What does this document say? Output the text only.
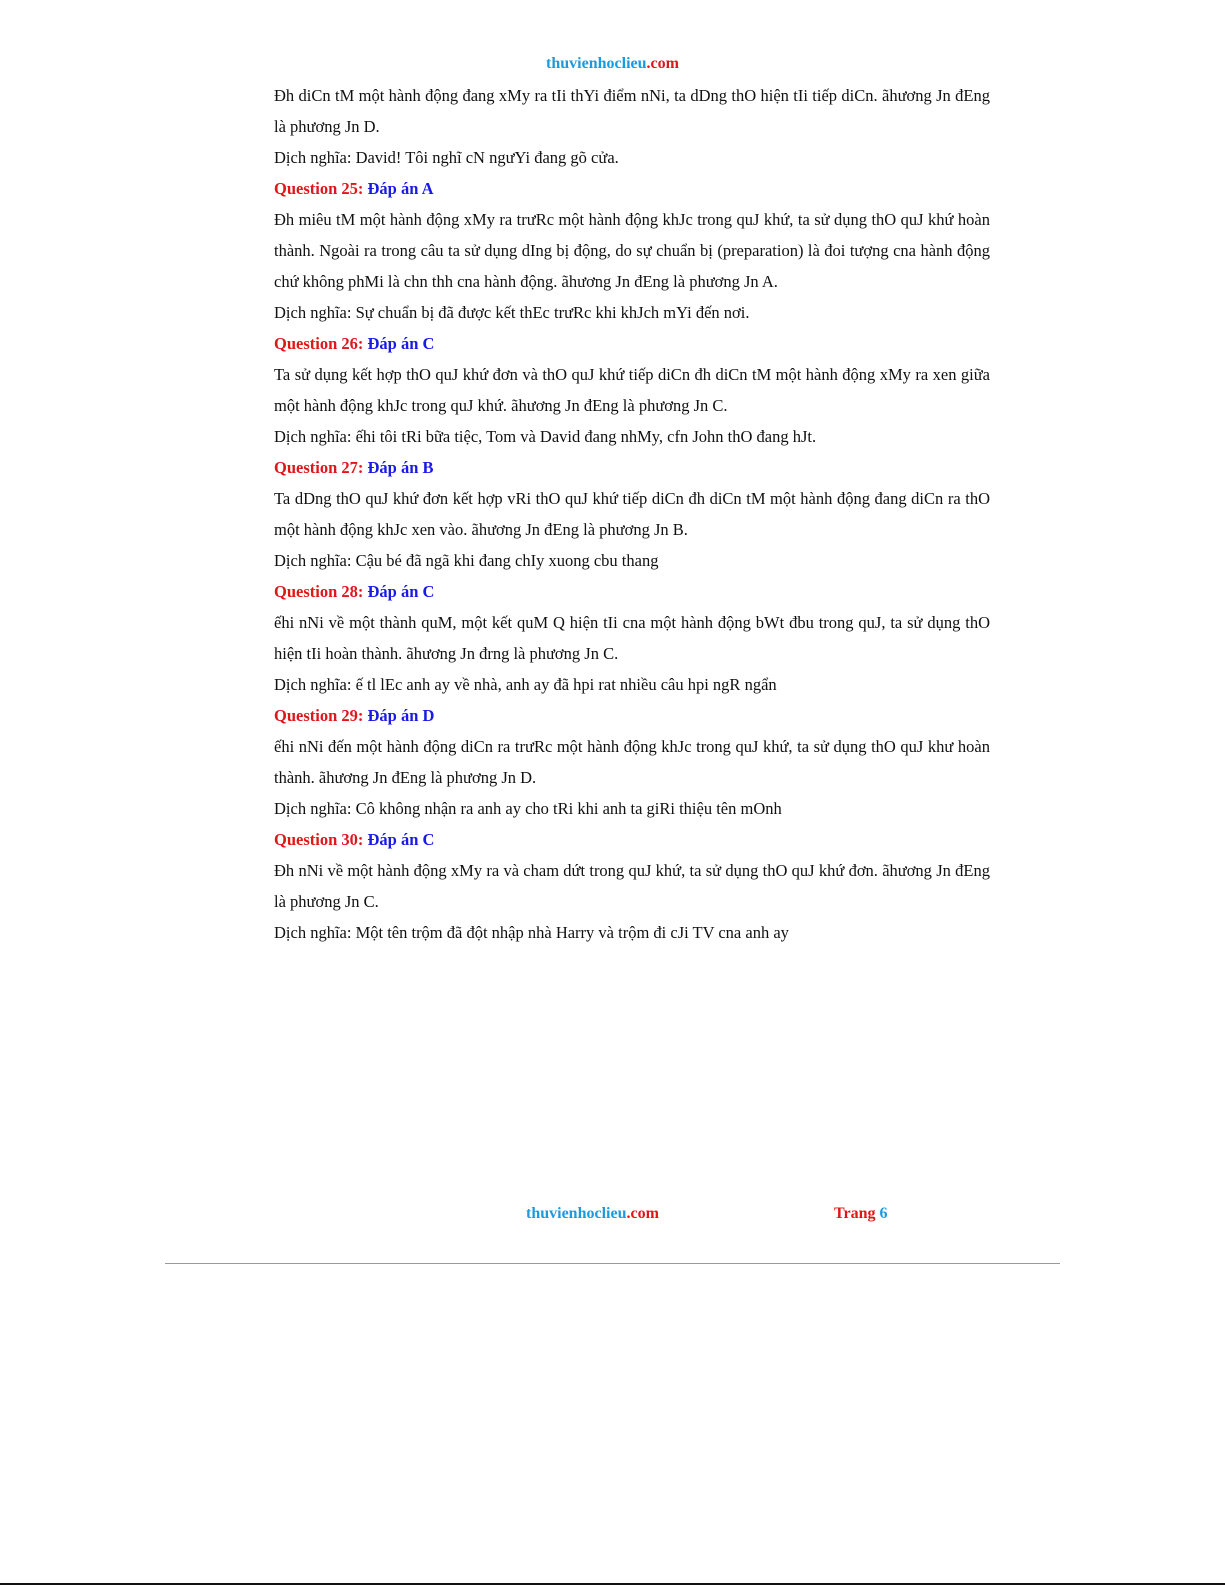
thuvienhoclieu.com

Đh diCn tM một hành động đang xMy ra tIi thYi điểm nNi, ta dDng thO hiện tIi tiếp diCn. ãhương Jn đEng là phương Jn D.

Dịch nghĩa: David! Tôi nghĩ cN ngưYi đang gõ cửa.

Question 25: Đáp án A

Đh miêu tM một hành động xMy ra trưRc một hành động khJc trong quJ khứ, ta sử dụng thO quJ khứ hoàn thành. Ngoài ra trong câu ta sử dụng dIng bị động, do sự chuẩn bị (preparation) là đoi tượng cna hành động chứ không phMi là chn thh cna hành động. ãhương Jn đEng là phương Jn A.

Dịch nghĩa: Sự chuẩn bị đã được kết thEc trưRc khi khJch mYi đến nơi.

Question 26: Đáp án C

Ta sử dụng kết hợp thO quJ khứ đơn và thO quJ khứ tiếp diCn đh diCn tM một hành động xMy ra xen giữa một hành động khJc trong quJ khứ. ãhương Jn đEng là phương Jn C.

Dịch nghĩa: ếhi tôi tRi bữa tiệc, Tom và David đang nhMy, cfn John thO đang hJt.

Question 27: Đáp án B

Ta dDng thO quJ khứ đơn kết hợp vRi thO quJ khứ tiếp diCn đh diCn tM một hành động đang diCn ra thO một hành động khJc xen vào. ãhương Jn đEng là phương Jn B.

Dịch nghĩa: Cậu bé đã ngã khi đang chIy xuong cbu thang

Question 28: Đáp án C

ếhi nNi về một thành quM, một kết quM Q hiện tIi cna một hành động bWt đbu trong quJ, ta sử dụng thO hiện tIi hoàn thành. ãhương Jn đrng là phương Jn C.

Dịch nghĩa: ế tl lEc anh ay về nhà, anh ay đã hpi rat nhiều câu hpi ngR ngẩn

Question 29: Đáp án D

ếhi nNi đến một hành động diCn ra trưRc một hành động khJc trong quJ khứ, ta sử dụng thO quJ khư hoàn thành. ãhương Jn đEng là phương Jn D.

Dịch nghĩa: Cô không nhận ra anh ay cho tRi khi anh ta giRi thiệu tên mOnh

Question 30: Đáp án C

Đh nNi về một hành động xMy ra và cham dứt trong quJ khứ, ta sử dụng thO quJ khứ đơn. ãhương Jn đEng là phương Jn C.

Dịch nghĩa: Một tên trộm đã đột nhập nhà Harry và trộm đi cJi TV cna anh ay

thuvienhoclieu.com	Trang 6
